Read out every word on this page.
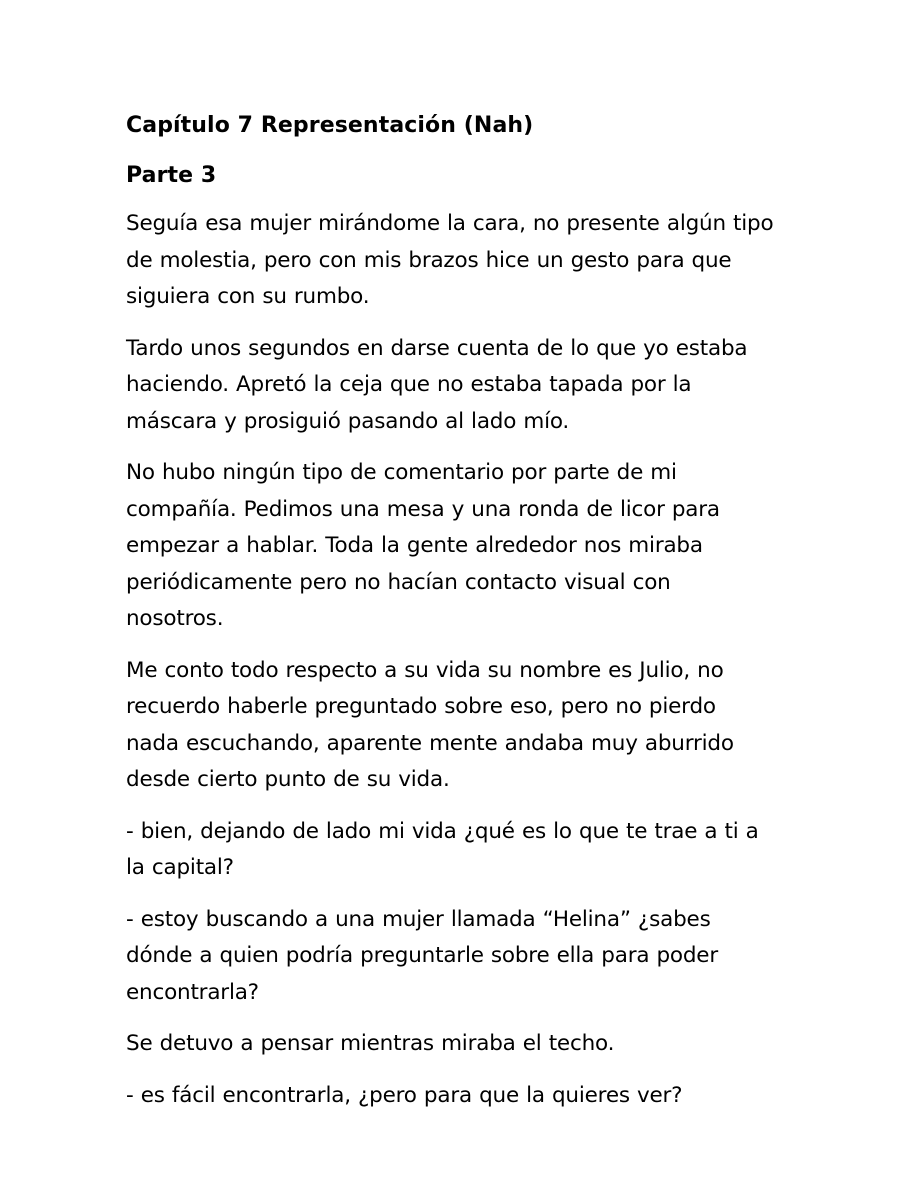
Capítulo 7 Representación (Nah)
Parte 3
Seguía esa mujer mirándome la cara, no presente algún tipo
de molestia, pero con mis brazos hice un gesto para que
siguiera con su rumbo.
Tardo unos segundos en darse cuenta de lo que yo estaba
haciendo. Apretó la ceja que no estaba tapada por la
máscara y prosiguió pasando al lado mío.
No hubo ningún tipo de comentario por parte de mi
compañía. Pedimos una mesa y una ronda de licor para
empezar a hablar. Toda la gente alrededor nos miraba
periódicamente pero no hacían contacto visual con
nosotros.
Me conto todo respecto a su vida su nombre es Julio, no
recuerdo haberle preguntado sobre eso, pero no pierdo
nada escuchando, aparente mente andaba muy aburrido
desde cierto punto de su vida.
- bien, dejando de lado mi vida ¿qué es lo que te trae a ti a
la capital?
- estoy buscando a una mujer llamada “Helina” ¿sabes
dónde a quien podría preguntarle sobre ella para poder
encontrarla?
Se detuvo a pensar mientras miraba el techo.
- es fácil encontrarla, ¿pero para que la quieres ver?
